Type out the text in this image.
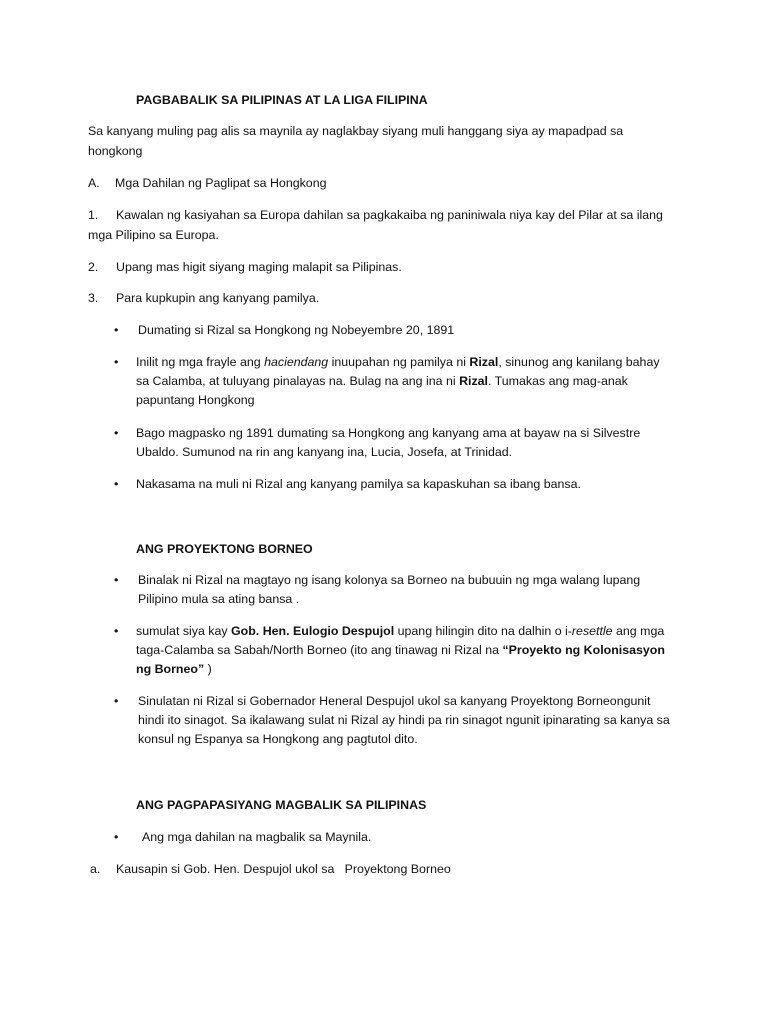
PAGBABALIK SA PILIPINAS AT LA LIGA FILIPINA
Sa kanyang muling pag alis sa maynila ay naglakbay siyang muli hanggang siya ay mapadpad sa
hongkong
A. Mga Dahilan ng Paglipat sa Hongkong
1. Kawalan ng kasiyahan sa Europa dahilan sa pagkakaiba ng paniniwala niya kay del Pilar at sa ilang
mga Pilipino sa Europa.
2. Upang mas higit siyang maging malapit sa Pilipinas.
3. Para kupkupin ang kanyang pamilya.
• Dumating si Rizal sa Hongkong ng Nobeyembre 20, 1891
• Inilit ng mga frayle ang haciendang inuupahan ng pamilya ni Rizal, sinunog ang kanilang bahay sa Calamba, at tuluyang pinalayas na. Bulag na ang ina ni Rizal. Tumakas ang mag-anak papuntang Hongkong
• Bago magpasko ng 1891 dumating sa Hongkong ang kanyang ama at bayaw na si Silvestre Ubaldo. Sumunod na rin ang kanyang ina, Lucia, Josefa, at Trinidad.
• Nakasama na muli ni Rizal ang kanyang pamilya sa kapaskuhan sa ibang bansa.
ANG PROYEKTONG BORNEO
• Binalak ni Rizal na magtayo ng isang kolonya sa Borneo na bubuuin ng mga walang lupang Pilipino mula sa ating bansa .
• sumulat siya kay Gob. Hen. Eulogio Despujol upang hilingin dito na dalhin o i-resettle ang mga taga-Calamba sa Sabah/North Borneo (ito ang tinawag ni Rizal na “Proyekto ng Kolonisasyon ng Borneo” )
• Sinulatan ni Rizal si Gobernador Heneral Despujol ukol sa kanyang Proyektong Borneongunit hindi ito sinagot. Sa ikalawang sulat ni Rizal ay hindi pa rin sinagot ngunit ipinarating sa kanya sa konsul ng Espanya sa Hongkong ang pagtutol dito.
ANG PAGPAPASIYANG MAGBALIK SA PILIPINAS
• Ang mga dahilan na magbalik sa Maynila.
a. Kausapin si Gob. Hen. Despujol ukol sa   Proyektong Borneo
